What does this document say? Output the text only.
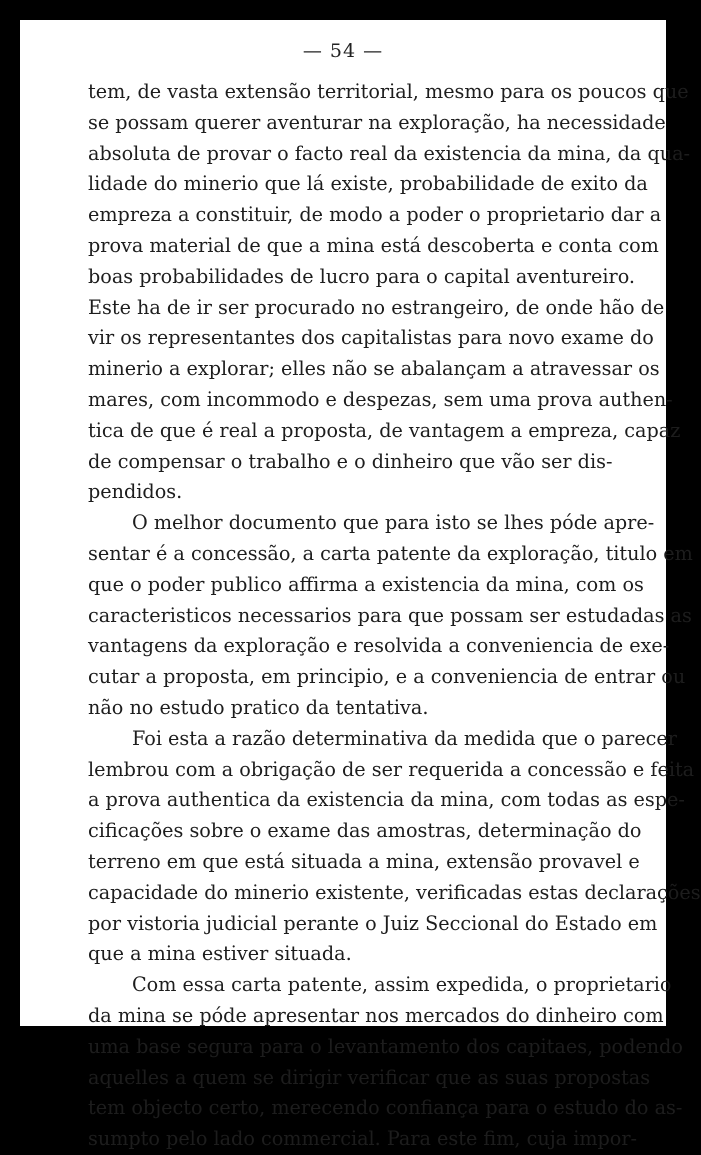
— 54 —
tem, de vasta extensão territorial, mesmo para os poucos que
se possam querer aventurar na exploração, ha necessidade
absoluta de provar o facto real da existencia da mina, da qua-
lidade do minerio que lá existe, probabilidade de exito da
empreza a constituir, de modo a poder o proprietario dar a
prova material de que a mina está descoberta e conta com
boas probabilidades de lucro para o capital aventureiro.
Este ha de ir ser procurado no estrangeiro, de onde hão de
vir os representantes dos capitalistas para novo exame do
minerio a explorar; elles não se abalançam a atravessar os
mares, com incommodo e despezas, sem uma prova authen-
tica de que é real a proposta, de vantagem a empreza, capaz
de compensar o trabalho e o dinheiro que vão ser dis-
pendidos.
O melhor documento que para isto se lhes póde apre-
sentar é a concessão, a carta patente da exploração, titulo em
que o poder publico affirma a existencia da mina, com os
caracteristicos necessarios para que possam ser estudadas as
vantagens da exploração e resolvida a conveniencia de exe-
cutar a proposta, em principio, e a conveniencia de entrar ou
não no estudo pratico da tentativa.
Foi esta a razão determinativa da medida que o parecer
lembrou com a obrigação de ser requerida a concessão e feita
a prova authentica da existencia da mina, com todas as espe-
cificações sobre o exame das amostras, determinação do
terreno em que está situada a mina, extensão provavel e
capacidade do minerio existente, verificadas estas declarações
por vistoria judicial perante o Juiz Seccional do Estado em
que a mina estiver situada.
Com essa carta patente, assim expedida, o proprietario
da mina se póde apresentar nos mercados do dinheiro com
uma base segura para o levantamento dos capitaes, podendo
aquelles a quem se dirigir verificar que as suas propostas
tem objecto certo, merecendo confiança para o estudo do as-
sumpto pelo lado commercial. Para este fim, cuja impor-
